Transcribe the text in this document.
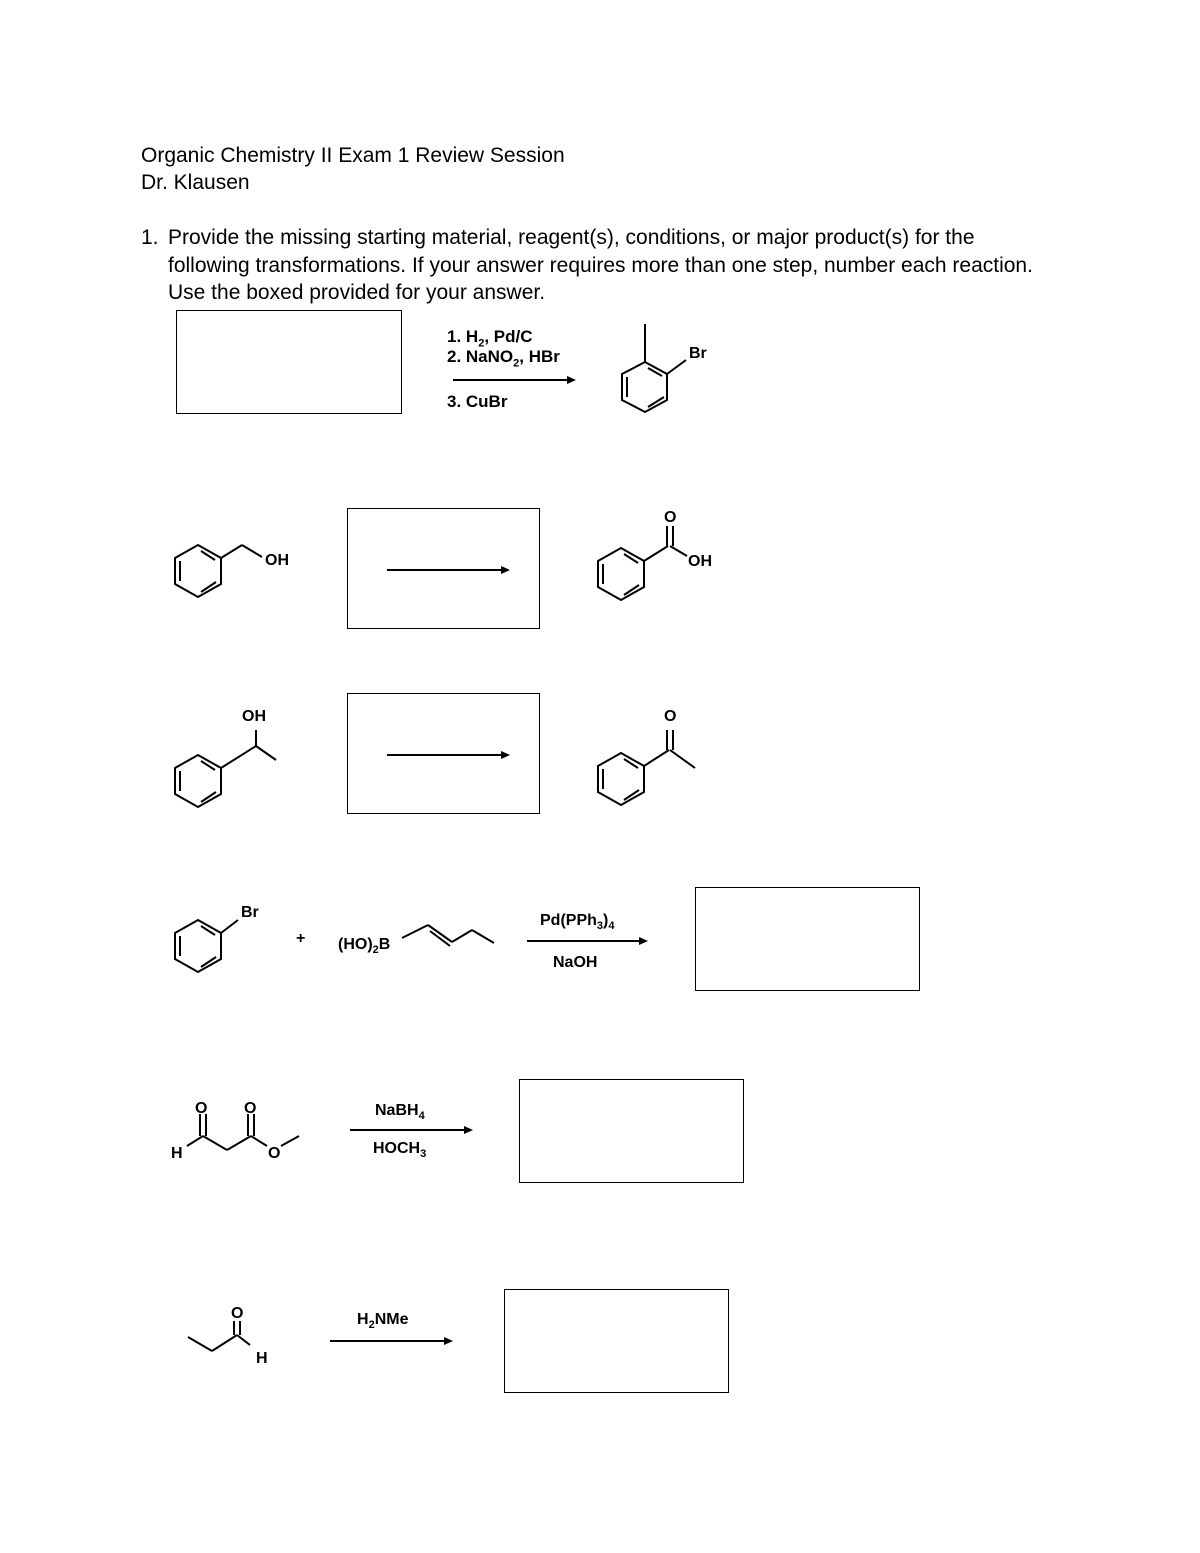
Organic Chemistry II Exam 1 Review Session
Dr. Klausen
1. Provide the missing starting material, reagent(s), conditions, or major product(s) for the following transformations. If your answer requires more than one step, number each reaction. Use the boxed provided for your answer.
1. $H_2$, Pd/C
2. NaNO$_2$, HBr
3. CuBr
Br
OH
O
OH
OH	O
Br
+ $(HO)_2B$
$Pd(PPh_3)_4$
NaOH
O O
H	O
NaBH$_4$
$HOCH_3$
O
H
$H_2NMe$
